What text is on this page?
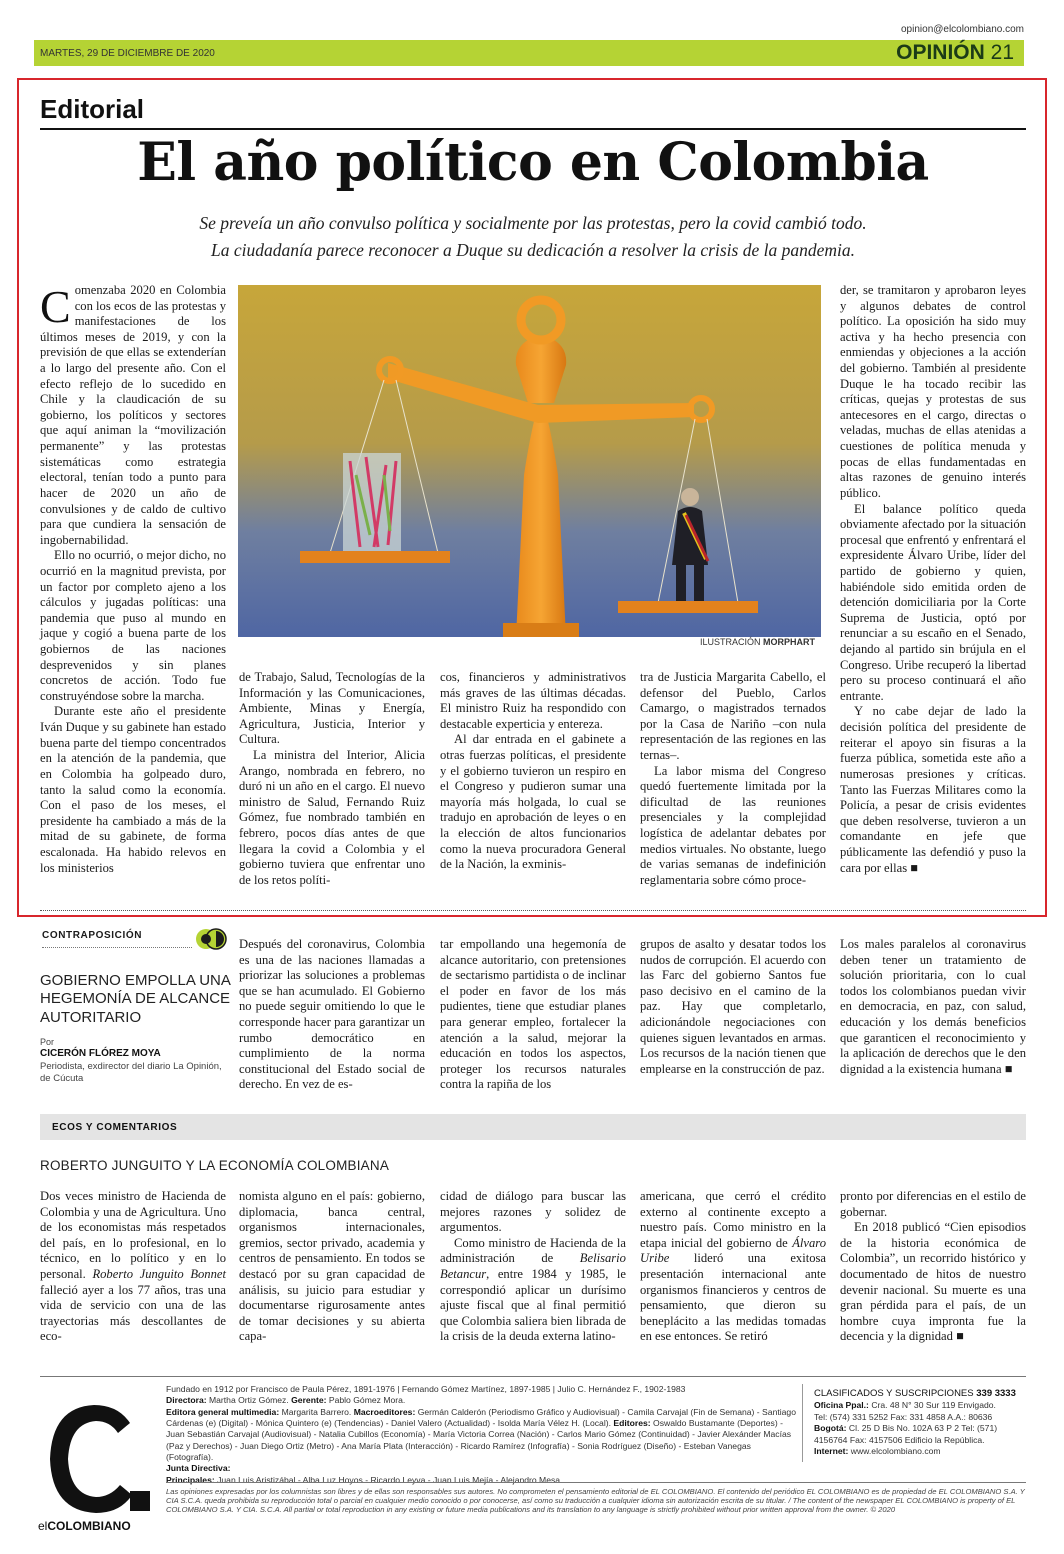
opinion@elcolombiano.com
MARTES, 29 DE DICIEMBRE DE 2020	OPINIÓN 21
Editorial
El año político en Colombia
Se preveía un año convulso política y socialmente por las protestas, pero la covid cambió todo.
La ciudadanía parece reconocer a Duque su dedicación a resolver la crisis de la pandemia.

Comenzaba 2020 en Colombia con los ecos de las protestas y manifestaciones de los últimos meses de 2019, y con la previsión de que ellas se extenderían a lo largo del presente año. Con el efecto reflejo de lo sucedido en Chile y la claudicación de su gobierno, los políticos y sectores que aquí animan la “movilización permanente” y las protestas sistemáticas como estrategia electoral, tenían todo a punto para hacer de 2020 un año de convulsiones y de caldo de cultivo para que cundiera la sensación de ingobernabilidad.

Ello no ocurrió, o mejor dicho, no ocurrió en la magnitud prevista, por un factor por completo ajeno a los cálculos y jugadas políticas: una pandemia que puso al mundo en jaque y cogió a buena parte de los gobiernos de las naciones desprevenidos y sin planes concretos de acción. Todo fue construyéndose sobre la marcha.

Durante este año el presidente Iván Duque y su gabinete han estado buena parte del tiempo concentrados en la atención de la pandemia, que en Colombia ha golpeado duro, tanto la salud como la economía. Con el paso de los meses, el presidente ha cambiado a más de la mitad de su gabinete, de forma escalonada. Ha habido relevos en los ministerios

ILUSTRACIÓN MORPHART

de Trabajo, Salud, Tecnologías de la Información y las Comunicaciones, Ambiente, Minas y Energía, Agricultura, Justicia, Interior y Cultura.

La ministra del Interior, Alicia Arango, nombrada en febrero, no duró ni un año en el cargo. El nuevo ministro de Salud, Fernando Ruiz Gómez, fue nombrado también en febrero, pocos días antes de que llegara la covid a Colombia y el gobierno tuviera que enfrentar uno de los retos políti-

cos, financieros y administrativos más graves de las últimas décadas. El ministro Ruiz ha respondido con destacable experticia y entereza.

Al dar entrada en el gabinete a otras fuerzas políticas, el presidente y el gobierno tuvieron un respiro en el Congreso y pudieron sumar una mayoría más holgada, lo cual se tradujo en aprobación de leyes o en la elección de altos funcionarios como la nueva procuradora General de la Nación, la exminis-

tra de Justicia Margarita Cabello, el defensor del Pueblo, Carlos Camargo, o magistrados ternados por la Casa de Nariño –con nula representación de las regiones en las ternas–.

La labor misma del Congreso quedó fuertemente limitada por la dificultad de las reuniones presenciales y la complejidad logística de adelantar debates por medios virtuales. No obstante, luego de varias semanas de indefinición reglamentaria sobre cómo proce-

der, se tramitaron y aprobaron leyes y algunos debates de control político. La oposición ha sido muy activa y ha hecho presencia con enmiendas y objeciones a la acción del gobierno. También al presidente Duque le ha tocado recibir las críticas, quejas y protestas de sus antecesores en el cargo, directas o veladas, muchas de ellas atenidas a cuestiones de política menuda y pocas de ellas fundamentadas en altas razones de genuino interés público.

El balance político queda obviamente afectado por la situación procesal que enfrentó y enfrentará el expresidente Álvaro Uribe, líder del partido de gobierno y quien, habiéndole sido emitida orden de detención domiciliaria por la Corte Suprema de Justicia, optó por renunciar a su escaño en el Senado, dejando al partido sin brújula en el Congreso. Uribe recuperó la libertad pero su proceso continuará el año entrante.

Y no cabe dejar de lado la decisión política del presidente de reiterar el apoyo sin fisuras a la fuerza pública, sometida este año a numerosas presiones y críticas. Tanto las Fuerzas Militares como la Policía, a pesar de crisis evidentes que deben resolverse, tuvieron a un comandante en jefe que públicamente las defendió y puso la cara por ellas ■

CONTRAPOSICIÓN
GOBIERNO EMPOLLA UNA HEGEMONÍA DE ALCANCE AUTORITARIO
Por
CICERÓN FLÓREZ MOYA
Periodista, exdirector del diario La Opinión, de Cúcuta

Después del coronavirus, Colombia es una de las naciones llamadas a priorizar las soluciones a problemas que se han acumulado. El Gobierno no puede seguir omitiendo lo que le corresponde hacer para garantizar un rumbo democrático en cumplimiento de la norma constitucional del Estado social de derecho. En vez de es-

tar empollando una hegemonía de alcance autoritario, con pretensiones de sectarismo partidista o de inclinar el poder en favor de los más pudientes, tiene que estudiar planes para generar empleo, fortalecer la atención a la salud, mejorar la educación en todos los aspectos, proteger los recursos naturales contra la rapiña de los

grupos de asalto y desatar todos los nudos de corrupción. El acuerdo con las Farc del gobierno Santos fue paso decisivo en el camino de la paz. Hay que completarlo, adicionándole negociaciones con quienes siguen levantados en armas. Los recursos de la nación tienen que emplearse en la construcción de paz.

Los males paralelos al coronavirus deben tener un tratamiento de solución prioritaria, con lo cual todos los colombianos puedan vivir en democracia, en paz, con salud, educación y los demás beneficios que garanticen el reconocimiento y la aplicación de derechos que le den dignidad a la existencia humana ■

ECOS Y COMENTARIOS
ROBERTO JUNGUITO Y LA ECONOMÍA COLOMBIANA

Dos veces ministro de Hacienda de Colombia y una de Agricultura. Uno de los economistas más respetados del país, en lo profesional, en lo técnico, en lo político y en lo personal. Roberto Junguito Bonnet falleció ayer a los 77 años, tras una vida de servicio con una de las trayectorias más descollantes de eco-

nomista alguno en el país: gobierno, diplomacia, banca central, organismos internacionales, gremios, sector privado, academia y centros de pensamiento. En todos se destacó por su gran capacidad de análisis, su juicio para estudiar y documentarse rigurosamente antes de tomar decisiones y su abierta capa-

cidad de diálogo para buscar las mejores razones y solidez de argumentos.

Como ministro de Hacienda de la administración de Belisario Betancur, entre 1984 y 1985, le correspondió aplicar un durísimo ajuste fiscal que al final permitió que Colombia saliera bien librada de la crisis de la deuda externa latino-

americana, que cerró el crédito externo al continente excepto a nuestro país. Como ministro en la etapa inicial del gobierno de Álvaro Uribe lideró una exitosa presentación internacional ante organismos financieros y centros de pensamiento, que dieron su beneplácito a las medidas tomadas en ese entonces. Se retiró

pronto por diferencias en el estilo de gobernar.

En 2018 publicó “Cien episodios de la historia económica de Colombia”, un recorrido histórico y documentado de hitos de nuestro devenir nacional. Su muerte es una gran pérdida para el país, de un hombre cuya impronta fue la decencia y la dignidad ■

elCOLOMBIANO
Fundado en 1912 por Francisco de Paula Pérez, 1891-1976 | Fernando Gómez Martínez, 1897-1985 | Julio C. Hernández F., 1902-1983
Directora: Martha Ortiz Gómez. Gerente: Pablo Gómez Mora.
Editora general multimedia: Margarita Barrero. Macroeditores: Germán Calderón (Periodismo Gráfico y Audiovisual) - Camila Carvajal (Fin de Semana) - Santiago Cárdenas (e) (Digital) - Mónica Quintero (e) (Tendencias) - Daniel Valero (Actualidad) - Isolda María Vélez H. (Local). Editores: Oswaldo Bustamante (Deportes) - Juan Sebastián Carvajal (Audiovisual) - Natalia Cubillos (Economía) - María Victoria Correa (Nación) - Carlos Mario Gómez (Continuidad) - Javier Alexánder Macías (Paz y Derechos) - Juan Diego Ortiz (Metro) - Ana María Plata (Interacción) - Ricardo Ramírez (Infografía) - Sonia Rodríguez (Diseño) - Esteban Vanegas (Fotografía).
Junta Directiva:
Principales: Juan Luis Aristizábal - Alba Luz Hoyos - Ricardo Leyva - Juan Luis Mejía - Alejandro Mesa.
CLASIFICADOS Y SUSCRIPCIONES 339 3333
Oficina Ppal.: Cra. 48 N° 30 Sur 119 Envigado.
Tel: (574) 331 5252 Fax: 331 4858 A.A.: 80636
Bogotá: Cl. 25 D Bis No. 102A 63 P 2 Tel: (571) 4156764 Fax: 4157506 Edificio la República.
Internet: www.elcolombiano.com
Las opiniones expresadas por los columnistas son libres y de ellas son responsables sus autores. No comprometen el pensamiento editorial de EL COLOMBIANO. El contenido del periódico EL COLOMBIANO es de propiedad de EL COLOMBIANO S.A. Y CIA S.C.A. queda prohibida su reproducción total o parcial en cualquier medio conocido o por conocerse, así como su traducción a cualquier idioma sin autorización escrita de su titular. / The content of the newspaper EL COLOMBIANO is property of EL COLOMBIANO S.A. Y CIA. S.C.A. All partial or total reproduction in any existing or future media publications and its translation to any language is strictly prohibited without prior written approval from the owner. © 2020
